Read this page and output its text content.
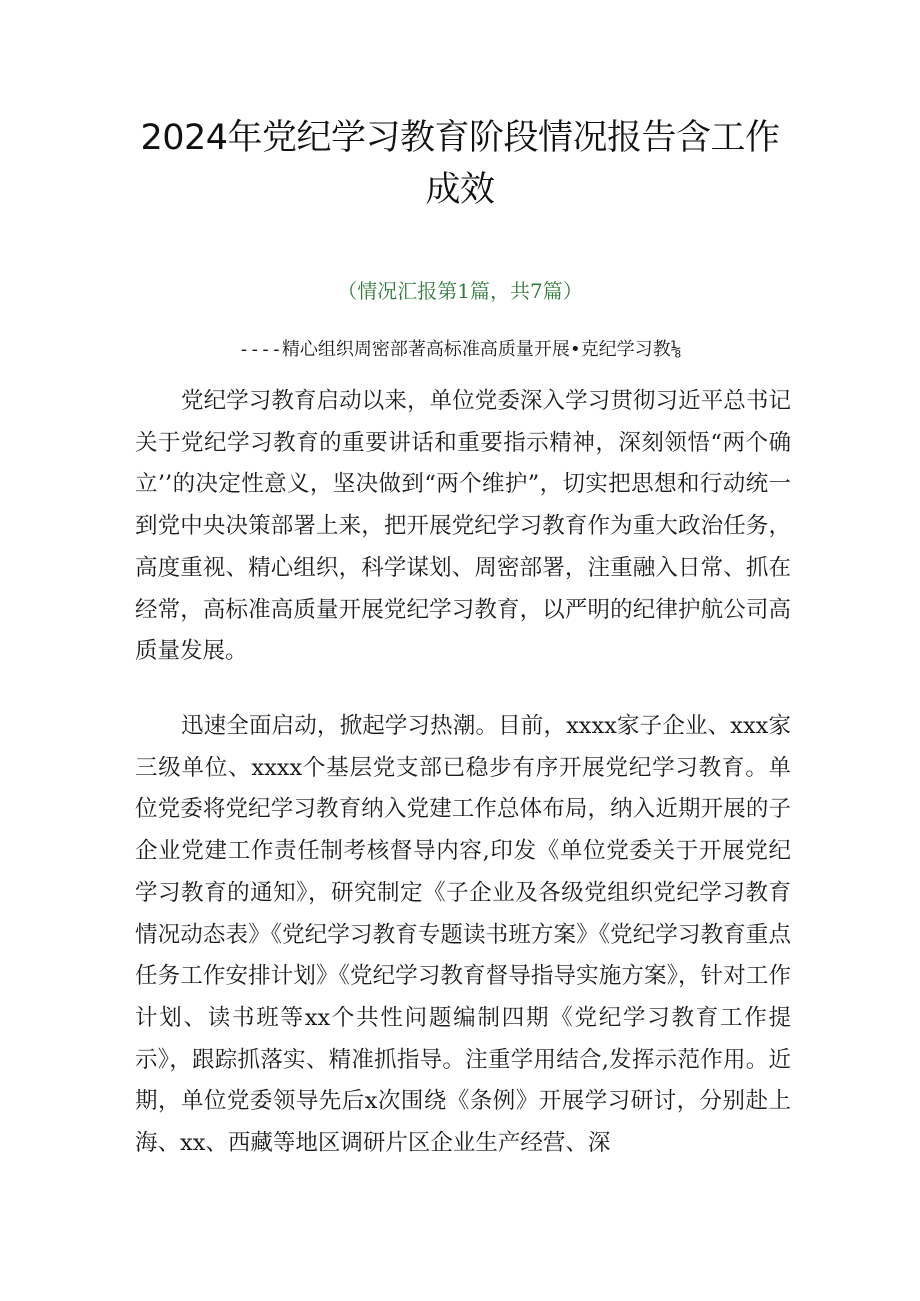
2024年党纪学习教育阶段情况报告含工作
成效
（情况汇报第1篇，共7篇）
----精心组织周密部著高标准高质量开展•克纪学习教⅛

党纪学习教育启动以来，单位党委深入学习贯彻习近平总书记关于党纪学习教育的重要讲话和重要指示精神，深刻领悟“两个确立’’的决定性意义，坚决做到“两个维护”，切实把思想和行动统一到党中央决策部署上来，把开展党纪学习教育作为重大政治任务，高度重视、精心组织，科学谋划、周密部署，注重融入日常、抓在经常，高标准高质量开展党纪学习教育，以严明的纪律护航公司高质量发展。

迅速全面启动，掀起学习热潮。目前，xxxx家子企业、xxx家三级单位、xxxx个基层党支部已稳步有序开展党纪学习教育。单位党委将党纪学习教育纳入党建工作总体布局，纳入近期开展的子企业党建工作责任制考核督导内容,印发《单位党委关于开展党纪学习教育的通知》，研究制定《子企业及各级党组织党纪学习教育情况动态表》《党纪学习教育专题读书班方案》《党纪学习教育重点任务工作安排计划》《党纪学习教育督导指导实施方案》，针对工作计划、读书班等xx个共性问题编制四期《党纪学习教育工作提示》，跟踪抓落实、精准抓指导。注重学用结合,发挥示范作用。近期，单位党委领导先后x次围绕《条例》开展学习研讨，分别赴上海、xx、西藏等地区调研片区企业生产经营、深
